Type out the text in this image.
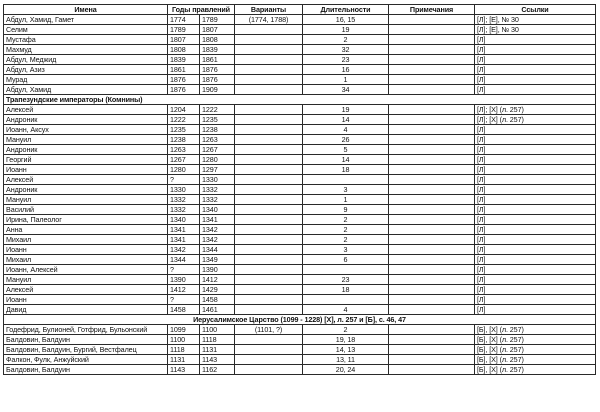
Имена	Годы правлений		Варианты	Длительности	Примечания	Ссылки
Абдул, Хамид, Гамет	1774	1789	(1774, 1788)	16, 15		[Л]; [Е], № 30
Селим	1789	1807		19		[Л]; [Е], № 30
Мустафа	1807	1808		2		[Л]
Махмуд	1808	1839		32		[Л]
Абдул, Меджид	1839	1861		23		[Л]
Абдул, Азиз	1861	1876		16		[Л]
Мурад	1876	1876		1		[Л]
Абдул, Хамид	1876	1909		34		[Л]
Трапезундские императоры (Комнины)						
Алексей	1204	1222		19		[Л]; [Х] (л. 257)
Андроник	1222	1235		14		[Л]; [Х] (л. 257)
Иоанн, Аксух	1235	1238		4		[Л]
Мануил	1238	1263		26		[Л]
Андроник	1263	1267		5		[Л]
Георгий	1267	1280		14		[Л]
Иоанн	1280	1297		18		[Л]
Алексей	?	1330				[Л]
Андроник	1330	1332		3		[Л]
Мануил	1332	1332		1		[Л]
Василий	1332	1340		9		[Л]
Ирина, Палеолог	1340	1341		2		[Л]
Анна	1341	1342		2		[Л]
Михаил	1341	1342		2		[Л]
Иоанн	1342	1344		3		[Л]
Михаил	1344	1349		6		[Л]
Иоанн, Алексей	?	1390				[Л]
Мануил	1390	1412		23		[Л]
Алексей	1412	1429		18		[Л]
Иоанн	?	1458				[Л]
Давид	1458	1461		4		[Л]
Иерусалимское Царство (1099 - 1228) [Х], л. 257 и [Б], с. 46, 47						
Годефрид, Булионей, Готфрид, Бульонский	1099	1100	(1101, ?)	2		[Б], [Х] (л. 257)
Балдовин, Балдуин	1100	1118		19, 18		[Б], [Х] (л. 257)
Балдовин, Балдуин, Бургий, Вестфалец	1118	1131		14, 13		[Б], [Х] (л. 257)
Фалкон, Фулк, Анжуйский	1131	1143		13, 11		[Б], [Х] (л. 257)
Балдовин, Балдуин	1143	1162		20, 24		[Б], [Х] (л. 257)
